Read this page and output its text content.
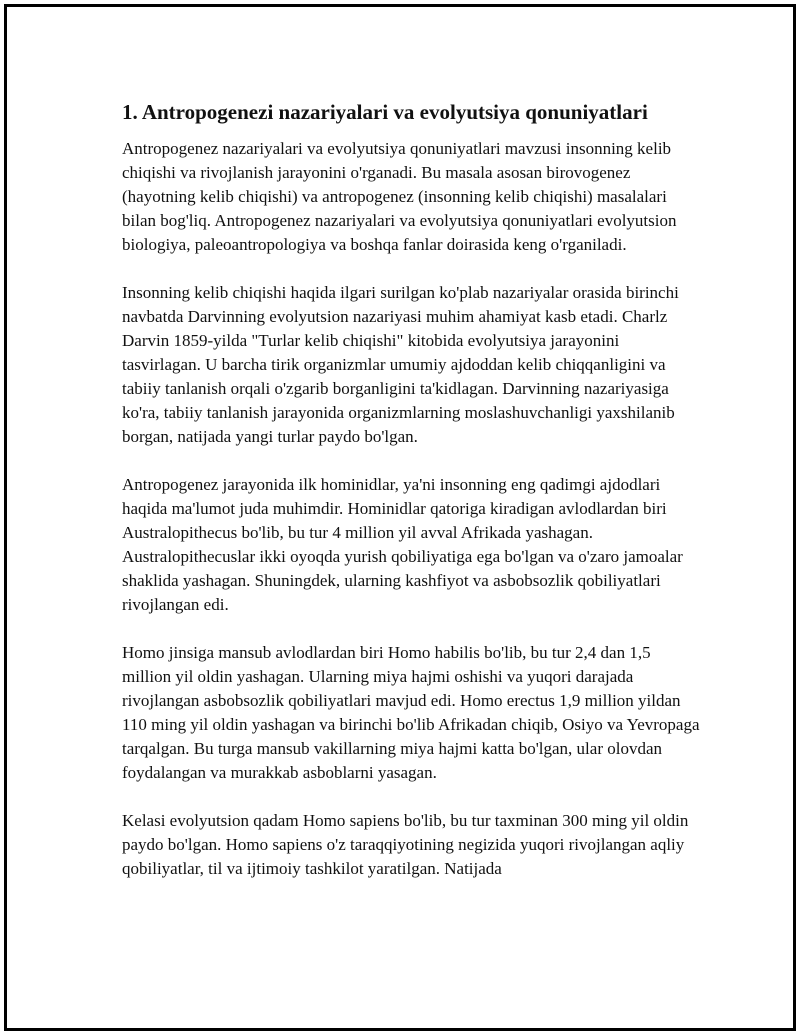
1. Antropogenezi nazariyalari va evolyutsiya qonuniyatlari

Antropogenez nazariyalari va evolyutsiya qonuniyatlari mavzusi insonning kelib chiqishi va rivojlanish jarayonini o'rganadi. Bu masala asosan birovogenez (hayotning kelib chiqishi) va antropogenez (insonning kelib chiqishi) masalalari bilan bog'liq. Antropogenez nazariyalari va evolyutsiya qonuniyatlari evolyutsion biologiya, paleoantropologiya va boshqa fanlar doirasida keng o'rganiladi.

Insonning kelib chiqishi haqida ilgari surilgan ko'plab nazariyalar orasida birinchi navbatda Darvinning evolyutsion nazariyasi muhim ahamiyat kasb etadi. Charlz Darvin 1859-yilda "Turlar kelib chiqishi" kitobida evolyutsiya jarayonini tasvirlagan. U barcha tirik organizmlar umumiy ajdoddan kelib chiqqanligini va tabiiy tanlanish orqali o'zgarib borganligini ta'kidlagan. Darvinning nazariyasiga ko'ra, tabiiy tanlanish jarayonida organizmlarning moslashuvchanligi yaxshilanib borgan, natijada yangi turlar paydo bo'lgan.

Antropogenez jarayonida ilk hominidlar, ya'ni insonning eng qadimgi ajdodlari haqida ma'lumot juda muhimdir. Hominidlar qatoriga kiradigan avlodlardan biri Australopithecus bo'lib, bu tur 4 million yil avval Afrikada yashagan. Australopithecuslar ikki oyoqda yurish qobiliyatiga ega bo'lgan va o'zaro jamoalar shaklida yashagan. Shuningdek, ularning kashfiyot va asbobsozlik qobiliyatlari rivojlangan edi.

Homo jinsiga mansub avlodlardan biri Homo habilis bo'lib, bu tur 2,4 dan 1,5 million yil oldin yashagan. Ularning miya hajmi oshishi va yuqori darajada rivojlangan asbobsozlik qobiliyatlari mavjud edi. Homo erectus 1,9 million yildan 110 ming yil oldin yashagan va birinchi bo'lib Afrikadan chiqib, Osiyo va Yevropaga tarqalgan. Bu turga mansub vakillarning miya hajmi katta bo'lgan, ular olovdan foydalangan va murakkab asboblarni yasagan.

Kelasi evolyutsion qadam Homo sapiens bo'lib, bu tur taxminan 300 ming yil oldin paydo bo'lgan. Homo sapiens o'z taraqqiyotining negizida yuqori rivojlangan aqliy qobiliyatlar, til va ijtimoiy tashkilot yaratilgan. Natijada
